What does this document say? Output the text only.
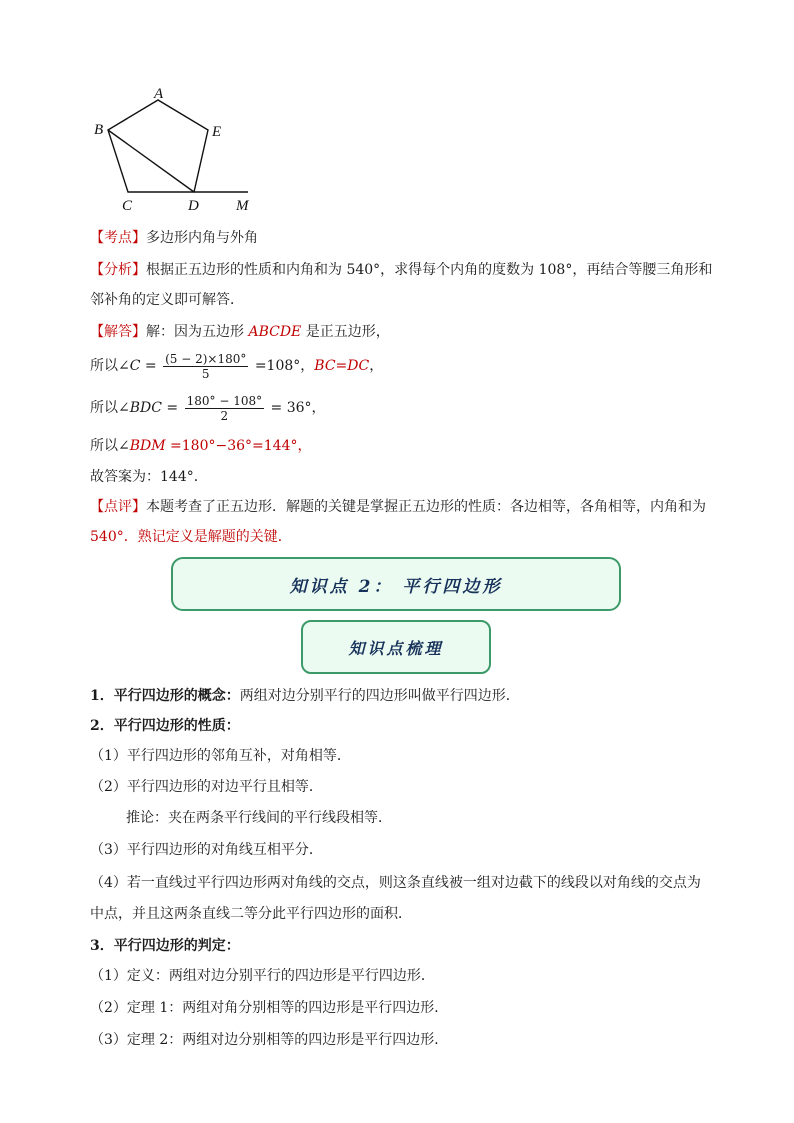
A
B	E
C	D M
【考点】多边形内角与外角
【分析】根据正五边形的性质和内角和为 540°，求得每个内角的度数为 108°，再结合等腰三角形和
邻补角的定义即可解答．
【解答】解：因为五边形 ABCDE 是正五边形，
所以∠C = $\frac{(5 - 2)\times 180^\circ}{5} =108^\circ$，BC=DC，
所以∠BDC = $\frac{180^\circ - 108^\circ}{2} = 36^\circ$，
所以∠BDM =180°−36°=144°，
故答案为：144°．
【点评】本题考查了正五边形．解题的关键是掌握正五边形的性质：各边相等，各角相等，内角和为
540°．熟记定义是解题的关键．
知识点 2： 平行四边形
知识点梳理
1．平行四边形的概念：两组对边分别平行的四边形叫做平行四边形．
2．平行四边形的性质：
（1）平行四边形的邻角互补，对角相等．
（2）平行四边形的对边平行且相等．
推论：夹在两条平行线间的平行线段相等．
（3）平行四边形的对角线互相平分．
（4）若一直线过平行四边形两对角线的交点，则这条直线被一组对边截下的线段以对角线的交点为
中点，并且这两条直线二等分此平行四边形的面积．
3．平行四边形的判定：
（1）定义：两组对边分别平行的四边形是平行四边形．
（2）定理 1：两组对角分别相等的四边形是平行四边形．
（3）定理 2：两组对边分别相等的四边形是平行四边形．
